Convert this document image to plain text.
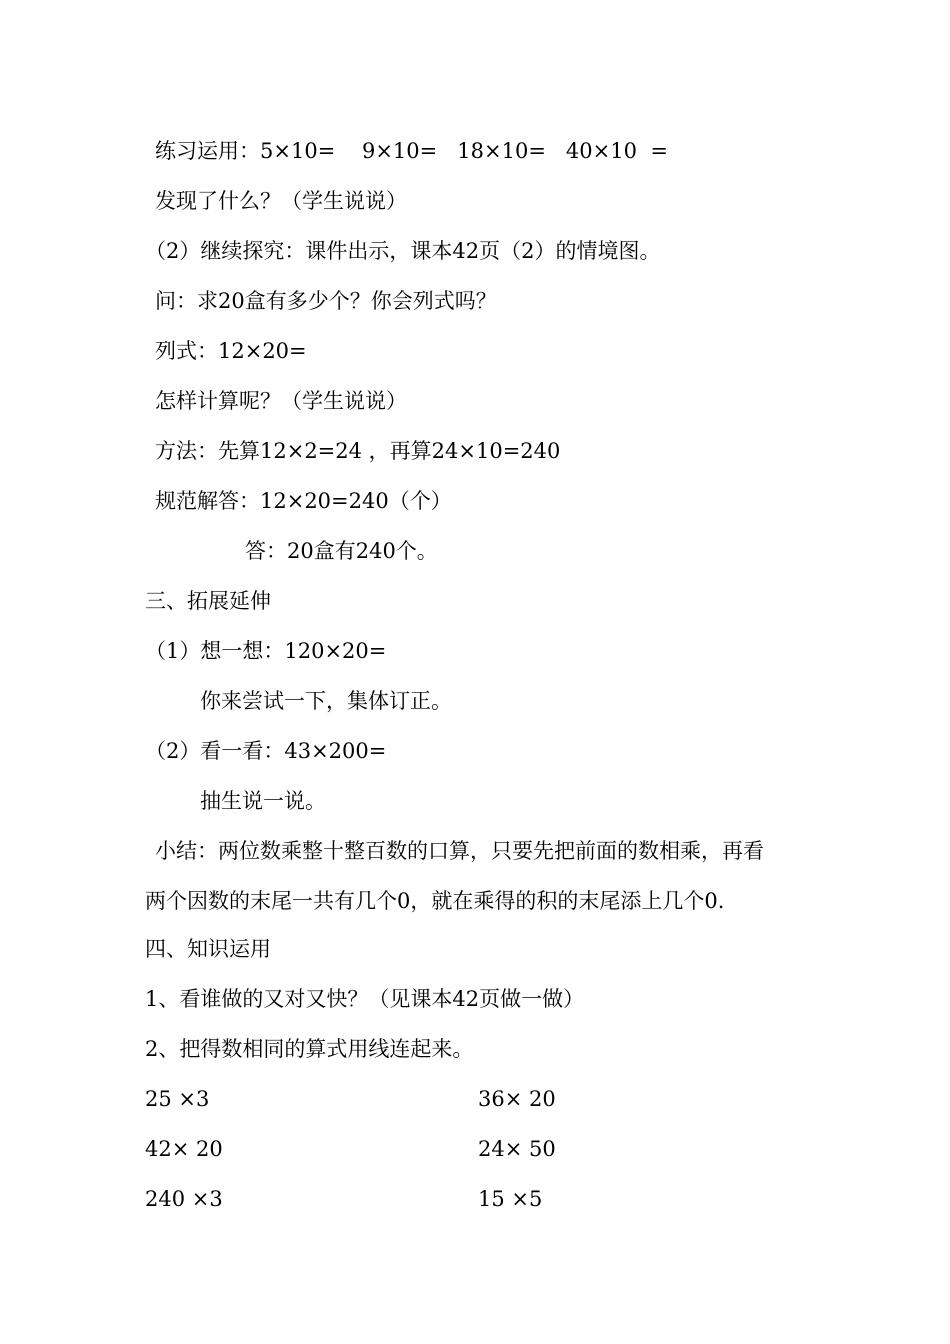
练习运用：5×10=    9×10=   18×10=   40×10  =
发现了什么？（学生说说）
（2）继续探究：课件出示，课本42页（2）的情境图。
问：求20盒有多少个？你会列式吗？
列式：12×20=
怎样计算呢？（学生说说）
方法：先算12×2=24 ，再算24×10=240
规范解答：12×20=240（个）
答：20盒有240个。
三、拓展延伸
（1）想一想：120×20=
你来尝试一下，集体订正。
（2）看一看：43×200=
抽生说一说。
小结：两位数乘整十整百数的口算，只要先把前面的数相乘，再看
两个因数的末尾一共有几个0，就在乘得的积的末尾添上几个0.
四、知识运用
1、看谁做的又对又快？（见课本42页做一做）
2、把得数相同的算式用线连起来。
25 ×3	36× 20
42× 20	24× 50
240 ×3	15 ×5
